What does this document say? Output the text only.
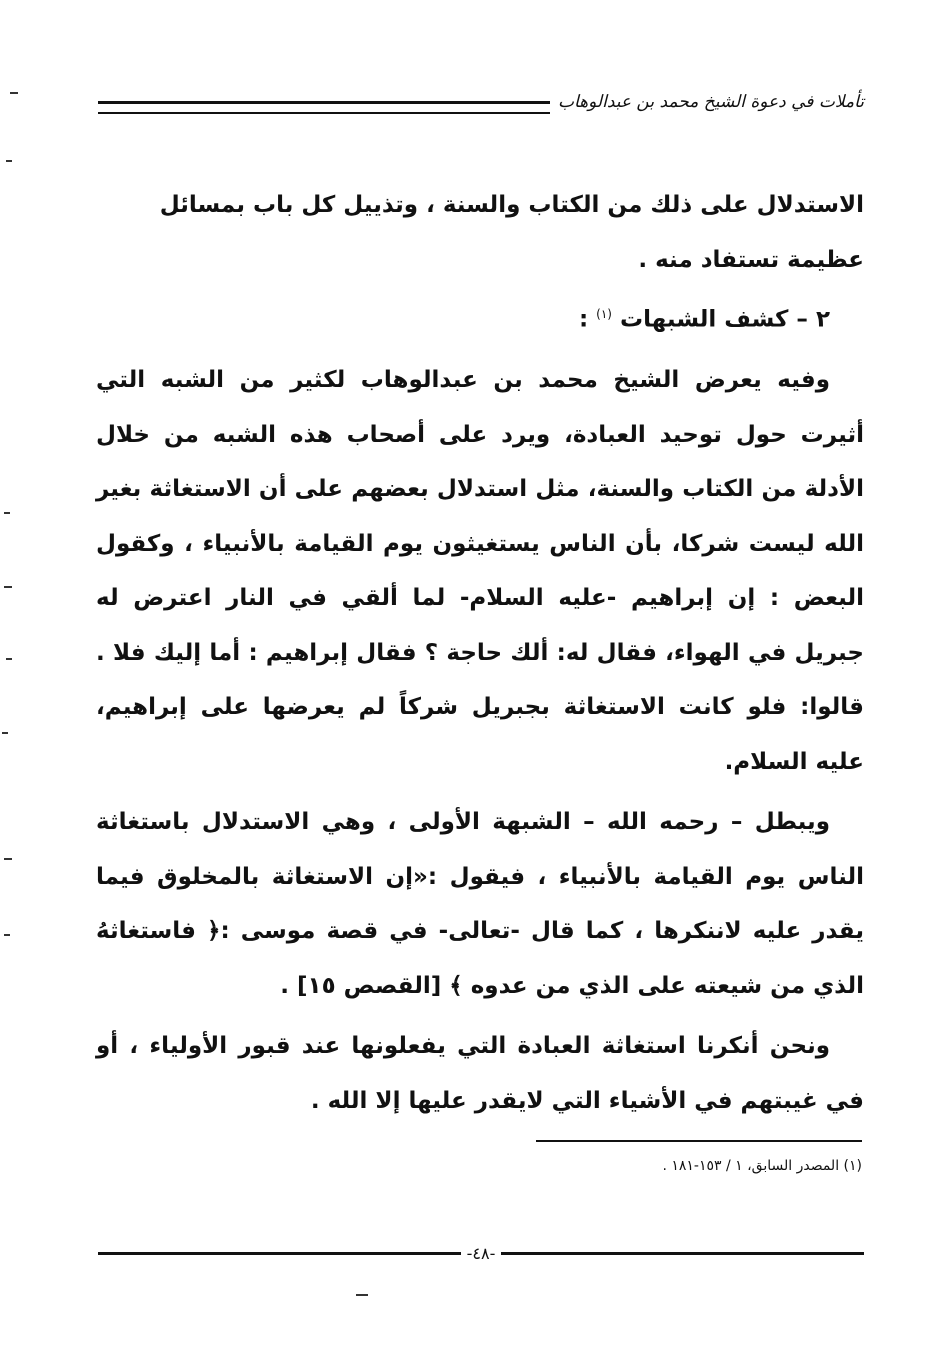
تأملات في دعوة الشيخ محمد بن عبدالوهاب

الاستدلال على ذلك من الكتاب والسنة ، وتذييل كل باب بمسائل
عظيمة تستفاد منه .

٢ – كشف الشبهات $^{(١)}$ :

وفيه يعرض الشيخ محمد بن عبدالوهاب لكثير من الشبه التي أثيرت حول توحيد العبادة، ويرد على أصحاب هذه الشبه من خلال الأدلة من الكتاب والسنة، مثل استدلال بعضهم على أن الاستغاثة بغير الله ليست شركا، بأن الناس يستغيثون يوم القيامة بالأنبياء ، وكقول البعض : إن إبراهيم -عليه السلام- لما ألقي في النار اعترض له جبريل في الهواء، فقال له: ألك حاجة ؟ فقال إبراهيم : أما إليك فلا . قالوا: فلو كانت الاستغاثة بجبريل شركاً لم يعرضها على إبراهيم، عليه السلام.

ويبطل – رحمه الله – الشبهة الأولى ، وهي الاستدلال باستغاثة الناس يوم القيامة بالأنبياء ، فيقول :«إن الاستغاثة بالمخلوق فيما يقدر عليه لاننكرها ، كما قال -تعالى- في قصة موسى :﴿ فاستغاثهُ الذي من شيعته على الذي من عدوه ﴾ [القصص ١٥] .

ونحن أنكرنا استغاثة العبادة التي يفعلونها عند قبور الأولياء ، أو في غيبتهم في الأشياء التي لايقدر عليها إلا الله .

(١) المصدر السابق، ١ / ١٥٣-١٨١ .
-٤٨-
